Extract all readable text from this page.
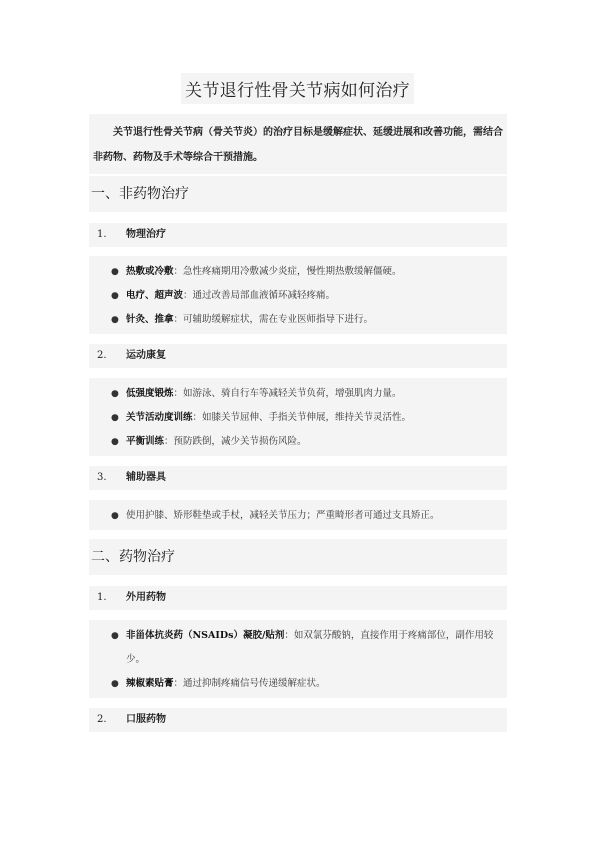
关节退行性骨关节病如何治疗

关节退行性骨关节病（骨关节炎）的治疗目标是缓解症状、延缓进展和改善功能，需结合非药物、药物及手术等综合干预措施。

一、非药物治疗
1. 物理治疗
● 热敷或冷敷：急性疼痛期用冷敷减少炎症，慢性期热敷缓解僵硬。
● 电疗、超声波：通过改善局部血液循环减轻疼痛。
● 针灸、推拿：可辅助缓解症状，需在专业医师指导下进行。
2. 运动康复
● 低强度锻炼：如游泳、骑自行车等减轻关节负荷，增强肌肉力量。
● 关节活动度训练：如膝关节屈伸、手指关节伸展，维持关节灵活性。
● 平衡训练：预防跌倒，减少关节损伤风险。
3. 辅助器具
● 使用护膝、矫形鞋垫或手杖，减轻关节压力；严重畸形者可通过支具矫正。
二、药物治疗
1. 外用药物
● 非甾体抗炎药（NSAIDs）凝胶/贴剂：如双氯芬酸钠，直接作用于疼痛部位，副作用较少。
● 辣椒素贴膏：通过抑制疼痛信号传递缓解症状。
2. 口服药物
